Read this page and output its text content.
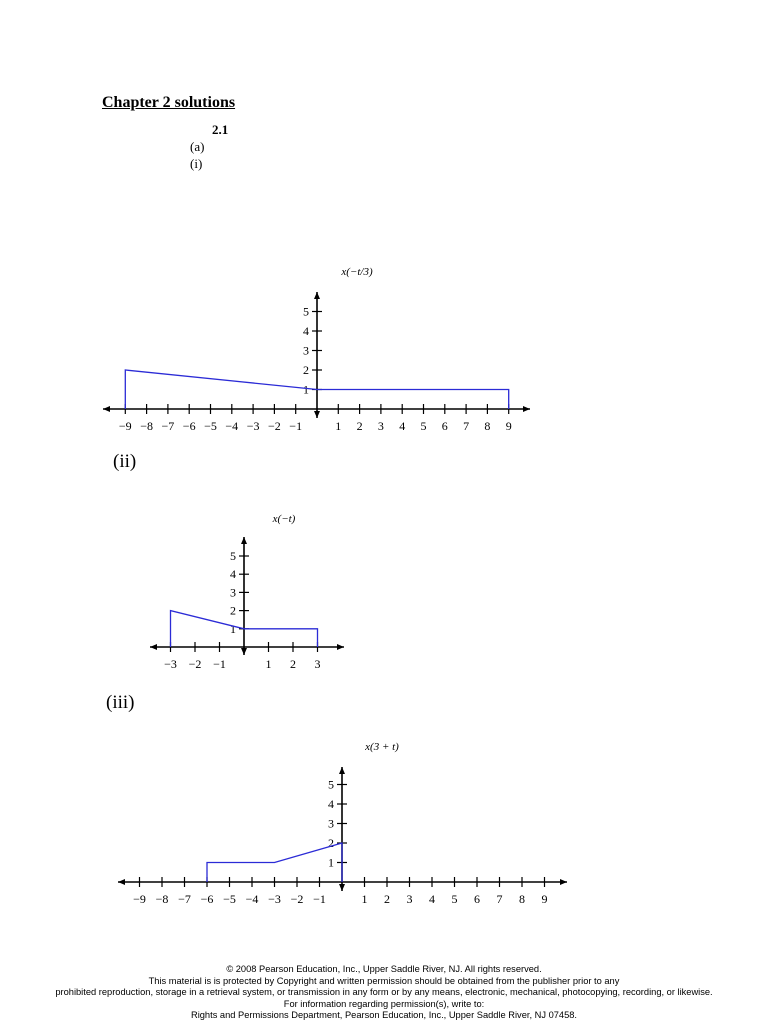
Chapter 2 solutions
2.1
(a)
(i)
(ii)
(iii)
x(−t/3)
−9 −8 −7 −6 −5 −4 −3 −2 −1	1 2 3 4 5 6 7 8 9
1
2
3
4
5
x(−t)
−3 −2 −1	1 2 3
1
2
3
4
5
x(3 + t)
−9 −8 −7 −6 −5 −4 −3 −2 −1	1 2 3 4 5 6 7 8 9
1
2
3
4
5
© 2008 Pearson Education, Inc., Upper Saddle River, NJ. All rights reserved.
This material is is protected by Copyright and written permission should be obtained from the publisher prior to any
prohibited reproduction, storage in a retrieval system, or transmission in any form or by any means, electronic, mechanical, photocopying, recording, or likewise.
For information regarding permission(s), write to:
Rights and Permissions Department, Pearson Education, Inc., Upper Saddle River, NJ 07458.
